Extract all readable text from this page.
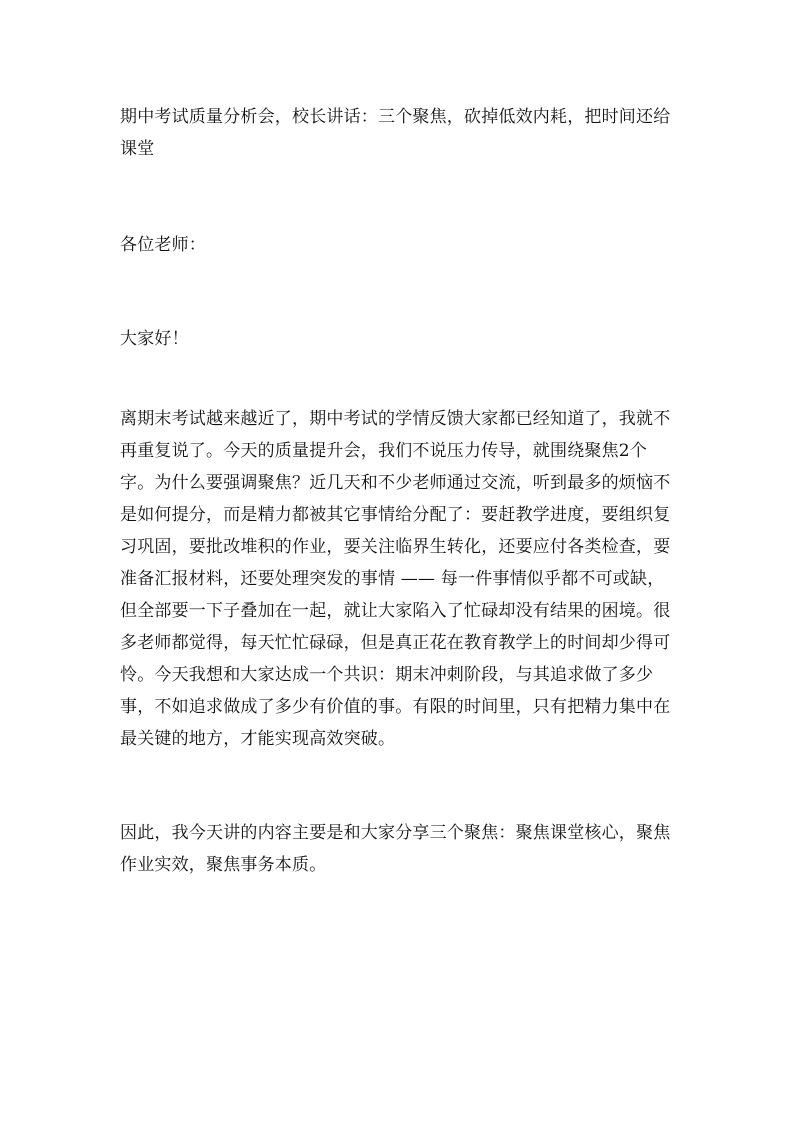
期中考试质量分析会，校长讲话：三个聚焦，砍掉低效内耗，把时间还给课堂

各位老师：

大家好！

离期末考试越来越近了，期中考试的学情反馈大家都已经知道了，我就不再重复说了。今天的质量提升会，我们不说压力传导，就围绕聚焦2个字。为什么要强调聚焦？近几天和不少老师通过交流，听到最多的烦恼不是如何提分，而是精力都被其它事情给分配了：要赶教学进度，要组织复习巩固，要批改堆积的作业，要关注临界生转化，还要应付各类检查，要准备汇报材料，还要处理突发的事情 —— 每一件事情似乎都不可或缺，但全部要一下子叠加在一起，就让大家陷入了忙碌却没有结果的困境。很多老师都觉得，每天忙忙碌碌，但是真正花在教育教学上的时间却少得可怜。今天我想和大家达成一个共识：期末冲刺阶段，与其追求做了多少事，不如追求做成了多少有价值的事。有限的时间里，只有把精力集中在最关键的地方，才能实现高效突破。

因此，我今天讲的内容主要是和大家分享三个聚焦：聚焦课堂核心，聚焦作业实效，聚焦事务本质。
